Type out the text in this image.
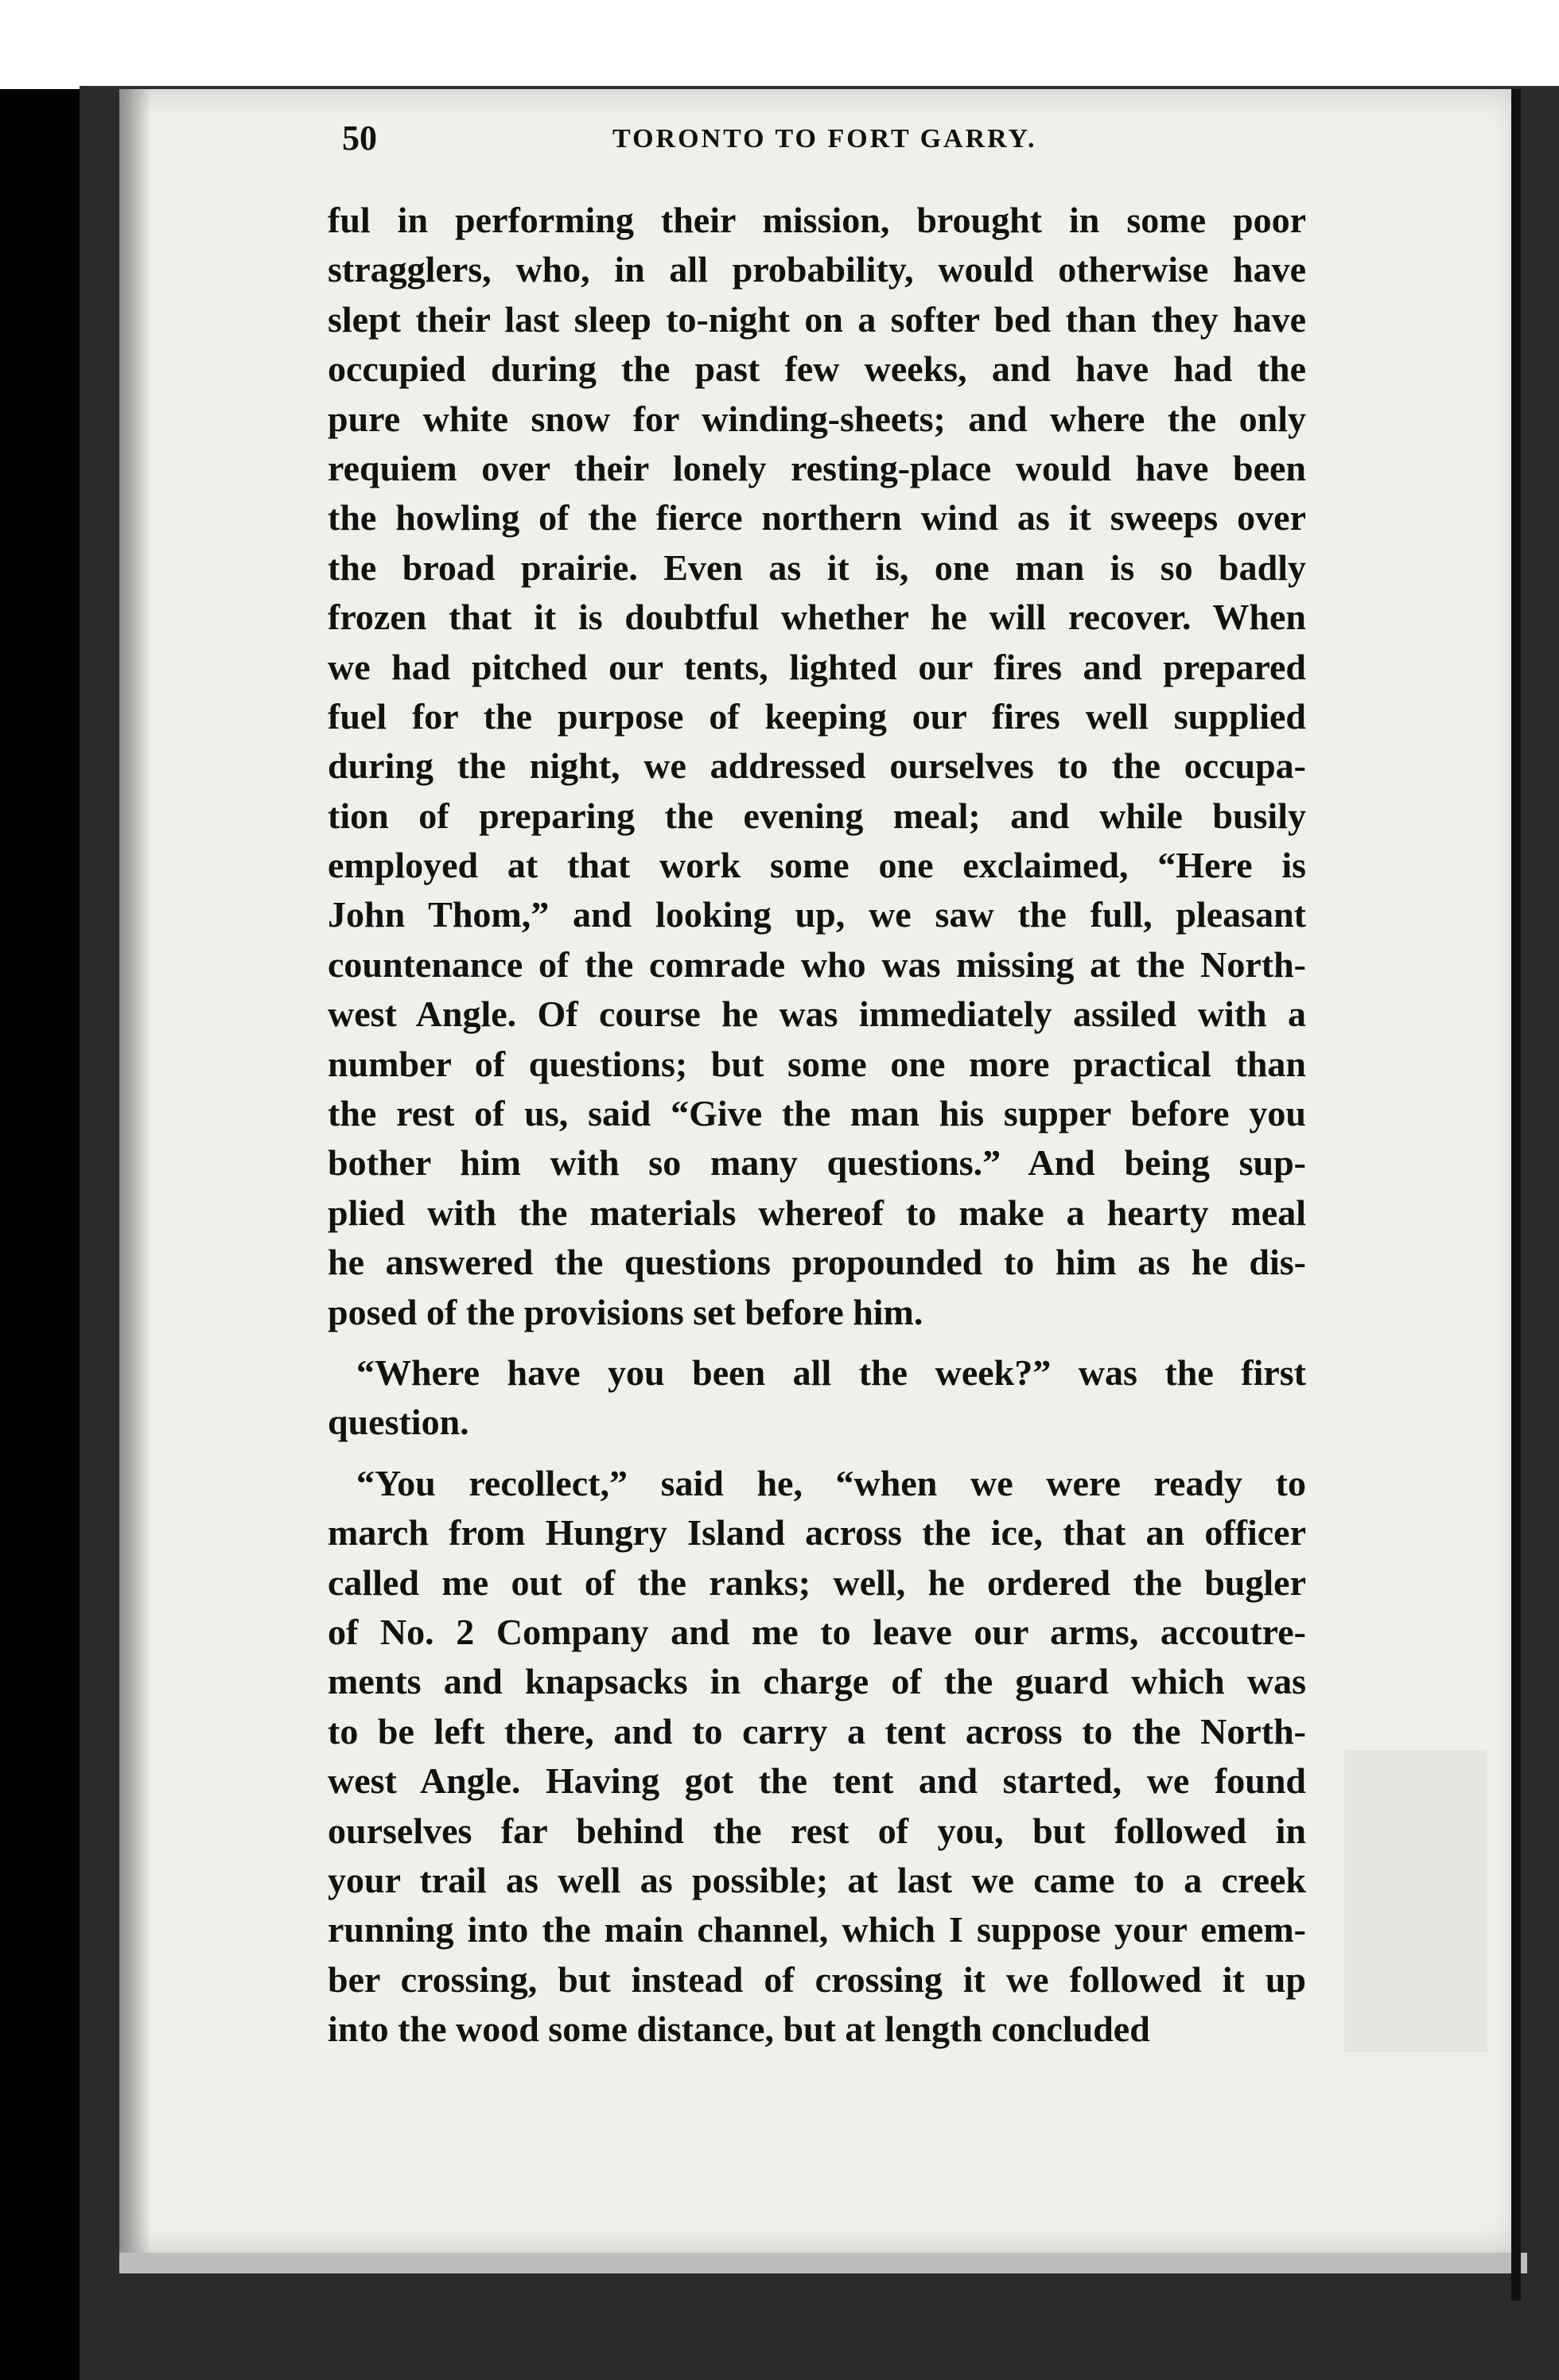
50	TORONTO TO FORT GARRY.
ful in performing their mission, brought in some poor
stragglers, who, in all probability, would otherwise have
slept their last sleep to-night on a softer bed than they have
occupied during the past few weeks, and have had the
pure white snow for winding-sheets; and where the only
requiem over their lonely resting-place would have been
the howling of the fierce northern wind as it sweeps over
the broad prairie. Even as it is, one man is so badly
frozen that it is doubtful whether he will recover. When
we had pitched our tents, lighted our fires and prepared
fuel for the purpose of keeping our fires well supplied
during the night, we addressed ourselves to the occupa-
tion of preparing the evening meal; and while busily
employed at that work some one exclaimed, “Here is
John Thom,” and looking up, we saw the full, pleasant
countenance of the comrade who was missing at the North-
west Angle. Of course he was immediately assiled with a
number of questions; but some one more practical than
the rest of us, said “Give the man his supper before you
bother him with so many questions.” And being sup-
plied with the materials whereof to make a hearty meal
he answered the questions propounded to him as he dis-
posed of the provisions set before him.
“Where have you been all the week?” was the first
question.
“You recollect,” said he, “when we were ready to
march from Hungry Island across the ice, that an officer
called me out of the ranks; well, he ordered the bugler
of No. 2 Company and me to leave our arms, accoutre-
ments and knapsacks in charge of the guard which was
to be left there, and to carry a tent across to the North-
west Angle. Having got the tent and started, we found
ourselves far behind the rest of you, but followed in
your trail as well as possible; at last we came to a creek
running into the main channel, which I suppose your emem-
ber crossing, but instead of crossing it we followed it up
into the wood some distance, but at length concluded
